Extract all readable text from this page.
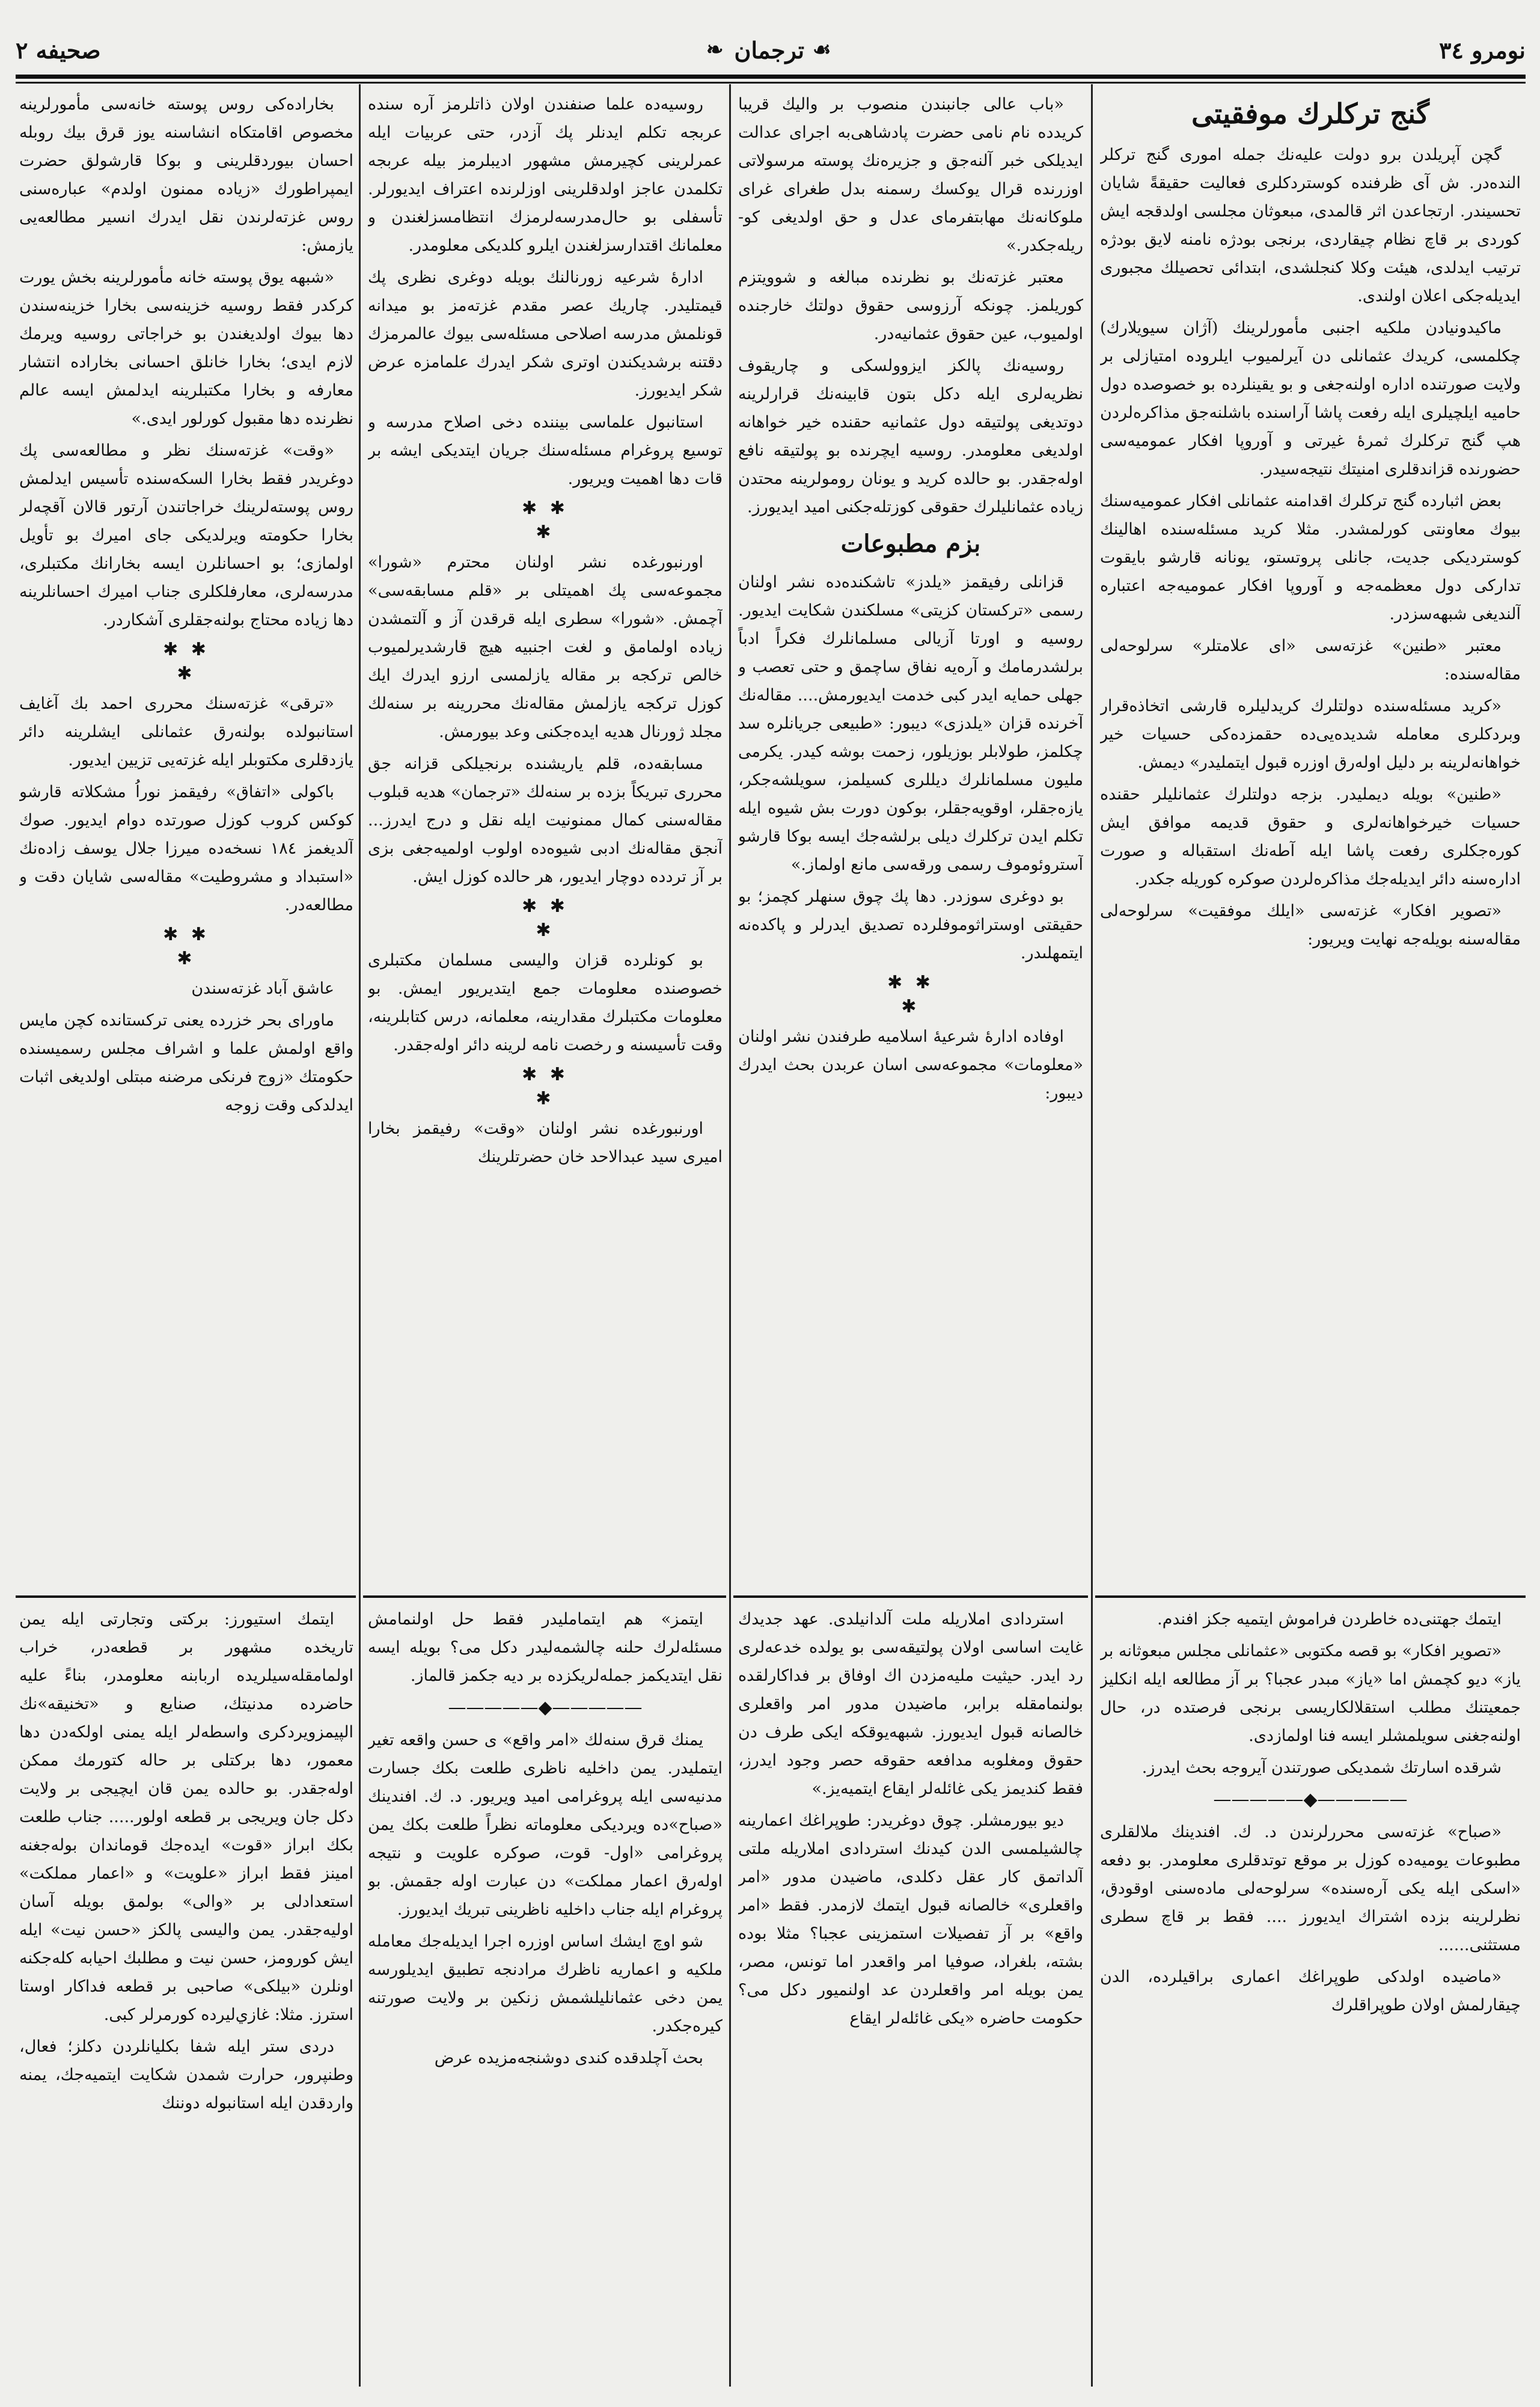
نومرو ٣٤
☙
ترجمان
❧
صحيفه ٢
گنج ترکلرك موفقيتى

گچن آپريلدن برو دولت عليه‌نك جمله امورى گنج ترکلر الندەدر. ش آی ظرفندە کوستردکلرى فعاليت حقيقةً شايان تحسيندر. ارتجاعدن اثر قالمدى، مبعوثان مجلسى اولدقجه ايش کوردى بر قاچ نظام چيقاردى، برنجى بودژه نامنه لايق بودژه ترتيب ايدلدى، هيئت وکلا کنجلشدى، ابتدائى تحصيلك مجبورى ايديلەجکى اعلان اولندى.

ماکيدونيادن ملکيه اجنبى مأمورلرينك (آژان سيويلارك) چکلمسى، کريدك عثمانلى دن آيرلميوب ايلروده امتيازلى بر ولايت صورتندە ادارە اولنەجغى و بو يقينلرده بو خصوصده دول حاميه ايلچيلرى ايله رفعت پاشا آراسنده باشلنه‌جق مذاکره‌لردن هپ گنج ترکلرك ثمرۀ غيرتى و آوروپا افکار عموميه‌سى حضورنده قزاندقلرى امنيتك نتيجه‌سيدر.

بعض اثبارده گنج ترکلرك اقدامنه عثمانلى افکار عموميه‌سنك بيوك معاونتى کورلمشدر. مثلا کريد مسئله‌سنده اهالينك کوسترديکى جديت، جانلى پروتستو، يونانه قارشو بايقوت تدارکى دول معظمه‌جه و آوروپا افکار عموميه‌جه اعتبارە آلنديغى شبهه‌سزدر.

معتبر «طنين» غزته‌سى «اى علامتلر» سرلوحه‌لى مقاله‌سنده:

«کريد مسئله‌سنده دولتلرك کريدليلره قارشى اتخاذەقرار وبردکلرى معامله شديده‌يى‌ده حقمزده‌کى حسيات خير خواهانه‌لرينه بر دليل اولەرق اوزره قبول ايتمليدر» ديمش.

«طنين» بويله ديمليدر. بزجه دولتلرك عثمانليلر حقنده حسيات خيرخواهانه‌لرى و حقوق قديمه موافق ايش کورەجکلرى رفعت پاشا ايله آطه‌نك استقباله و صورت ادارەسنه دائر ايديلەجك مذاکرەلردن صوکره کوريله جکدر.

«تصوير افکار» غزته‌سى «ايلك موفقيت» سرلوحه‌لى مقاله‌سنه بويله‌جه نهايت ويريور:

ايتمك جهتنى‌ده خاطردن فراموش ايتميه جکز افندم.

«تصوير افکار» بو قصه مکتوبى «عثمانلى مجلس مبعوثانه بر ياز» ديو کچمش اما «ياز» مبدر عجبا؟ بر آز مطالعه ايله انکليز جمعيتنك مطلب استقلالکاريسى برنجى فرصتده در، حال اولنەجغنى سويلمشلر ايسه فنا اولمازدى.

شرقده اسارتك شمديکى صورتندن آيروجه بحث ايدرز.

—————◆—————

«صباح» غزته‌سى محررلرندن د. ك. افندينك ملالقلرى مطبوعات يومیه‌ده کوزل بر موقع توتدقلرى معلومدر. بو دفعه «اسکى ايله يکى آرەسنده» سرلوحه‌لى مادەسنى اوقودق، نظرلرينه بزده اشتراك ايديورز .... فقط بر قاچ سطرى مستثنى......

«ماضيده اولدکى طوپراغك اعمارى براقيلرده، الدن چيقارلمش اولان طوپراقلرك

«باب عالى جانبندن منصوب بر واليك قريبا کريدده نام نامى حضرت پادشاهى‌به اجراى عدالت ايديلکى خبر آلنه‌جق و جزيره‌نك پوسته مرسولاتى اوزرنده قرال يوکسك رسمنه بدل طغراى غراى ملوکانه‌نك مهابتفرماى عدل و حق اولديغى کو-ريله‌جکدر.»

معتبر غزته‌نك بو نظرنده مبالغه و شوويتزم کوريلمز. چونکه آرزوسى حقوق دولتك خارجنده اولميوب، عين حقوق عثمانيەدر.

روسيه‌نك پالکز ايزوولسکى و چاريقوف نظريه‌لرى ايله دکل بتون قابينه‌نك قرارلرينه دوتديغى پولتيقه دول عثمانيه حقنده خير خواهانه اولديغى معلومدر. روسيه ايچرنده بو پولتيقه نافع اولەجقدر. بو حالده کريد و يونان رومولرينه محتدن زيادە عثمانليلرك حقوقى کوزتلەجکنى اميد ايديورز.

بزم مطبوعات

قزانلى رفيقمز «يلدز» تاشکنده‌ده نشر اولنان رسمى «ترکستان کزيتى» مسلکندن شکايت ايديور. روسيه و اورتا آزيالى مسلمانلرك فکراً ادباً برلشدرمامك و آره‌يه نفاق ساچمق و حتى تعصب و جهلى حمايه ايدر کبى خدمت ايديورمش.... مقاله‌نك آخرنده قزان «يلدزى» ديبور: «طبيعى جريانلره سد چکلمز، طولابلر بوزيلور، زحمت بوشه کيدر. يکرمى مليون مسلمانلرك ديللرى کسيلمز، سويلشەجکر، يازەجقلر، اوقويەجقلر، بوکون دورت بش شيوه ايله تکلم ايدن ترکلرك ديلى برلشەجك ايسه بوکا قارشو آستروئوموف رسمى ورقه‌سى مانع اولماز.»

بو دوغرى سوزدر. دها پك چوق سنهلر کچمز؛ بو حقيقتى اوستراثوموفلرده تصديق ايدرلر و پاکده‌نه ايتمهلىدر.

✱ ✱
✱

اوفاده ادارۀ شرعيۀ اسلاميه طرفندن نشر اولنان «معلومات» مجموعه‌سى اسان عربدن بحث ايدرك ديبور:

استردادى املاريله ملت آلدانيلدى. عهد جديدك غايت اساسى اولان پولتيقه‌سى بو يولده خدعه‌لرى رد ايدر. حيثيت مليه‌مزدن اك اوفاق بر فداکارلقده بولنمامقله برابر، ماضيدن مدور امر واقعلرى خالصانه قبول ايديورز. شبهه‌يوقکه ايكى طرف دن حقوق ومغلوبه مدافعه حقوقه حصر وجود ايدرز، فقط کنديمز يکى غائله‌لر ايقاع ايتميه‌يز.»

ديو بيورمشلر. چوق دوغريدر: طوپراغك اعمارينه چالشيلمسى الدن کيدنك استردادى املاريله ملتى آلداتمق کار عقل دکلدى، ماضيدن مدور «امر واقعلرى» خالصانه قبول ايتمك لازمدر. فقط «امر واقع» بر آز تفصيلات استمزينى عجبا؟ مثلا بوده بشته، بلغراد، صوفيا امر واقعدر اما تونس، مصر، يمن بويله امر واقعلردن عد اولنميور دکل مى؟ حکومت حاضره «يکى غائله‌لر ايقاع

روسيه‌ده علما صنفندن اولان ذاتلرمز آره سنده عربجه تکلم ايدنلر پك آزدر، حتى عربيات ايله عمرلرينى کچيرمش مشهور اديبلرمز بيله عربجه تکلمدن عاجز اولدقلرينى اوزلرنده اعتراف ايديورلر. تأسفلى بو حال‌مدرسه‌لرمزك انتظامسزلغندن و معلمانك اقتدارسزلغندن ايلرو کلديکى معلومدر.

ادارۀ شرعيه زورنالنك بويله دوغرى نظرى پك قيمتليدر. چاريك عصر مقدم غزته‌مز بو ميدانه قونلمش مدرسه اصلاحى مسئله‌سى بيوك عالمرمزك دقتنه برشديکندن اوترى شکر ايدرك علمامزه عرض شکر ايديورز.

استانبول علماسى بيننده دخى اصلاح مدرسه و توسيع پروغرام مسئله‌سنك جريان ايتديکى ايشه بر قات دها اهميت ويريور.

✱ ✱
✱

اورنبورغده نشر اولنان محترم «شورا» مجموعه‌سى پك اهميتلى بر «قلم مسابقه‌سى» آچمش. «شورا» سطرى ايله قرقدن آز و آلتمشدن زيادە اولمامق و لغت اجنبيه هيچ قارشديرلميوب خالص ترکجه بر مقاله يازلمسى ارزو ايدرك ايك کوزل ترکجه يازلمش مقاله‌نك محررينه بر سنه‌لك مجلد ژورنال هديه ايدەجکنى وعد بيورمش.

مسابقه‌ده، قلم ياريشنده برنجيلکى قزانه جق محررى تبريکاً بزده بر سنه‌لك «ترجمان» هديه قبلوب مقاله‌سنى کمال ممنونيت ايله نقل و درج ايدرز... آنجق مقاله‌نك ادبى شيوه‌ده اولوب اولميه‌جغى بزى بر آز تردده دوچار ايديور، هر حالده کوزل ايش.

✱ ✱
✱

بو کونلرده قزان واليسى مسلمان مکتبلرى خصوصنده معلومات جمع ايتديريور ايمش. بو معلومات مکتبلرك مقدارينه، معلمانه، درس کتابلرينه، وقت تأسيسنه و رخصت نامه لرينه دائر اولەجقدر.

✱ ✱
✱

اورنبورغده نشر اولنان «وقت» رفيقمز بخارا اميرى سيد عبدالاحد خان حضرتلرينك

ايتمز» هم ايتمامليدر فقط حل اولنمامش مسئله‌لرك حلنه چالشمەليدر دکل مى؟ بويله ايسه نقل ايتديکمز جمله‌لريکزده بر ديه جکمز قالماز.

—————◆—————

يمنك قرق سنه‌لك «امر واقع» ى حسن واقعه تغير ايتمليدر. يمن داخليه ناظرى طلعت بکك جسارت مدنيه‌سى ايله پروغرامى اميد ويريور. د. ك. افندينك «صباح»ده ويرديکى معلوماته نظراً طلعت بکك يمن پروغرامى «اول- قوت، صوکره علويت و نتيجه اولەرق اعمار مملکت» دن عبارت اوله جقمش. بو پروغرام ايله جناب داخليه ناظرينى تبريك ايديورز.

شو اوچ ايشك اساس اوزره اجرا ايديلەجك معامله ملکيه و اعماريه ناظرك مرادنجه تطبيق ايديلورسه يمن دخى عثمانليلشمش زنکين بر ولايت صورتنه کيرەجکدر.

بحث آچلدقده کندى دوشنجه‌مزيده عرض

بخارادەکى روس پوسته خانه‌سى مأمورلرينه مخصوص اقامتکاه انشاسنه يوز قرق بيك روبله احسان بيوردقلرينى و بوکا قارشولق حضرت ايمپراطورك «زيادە ممنون اولدم» عبارەسنى روس غزته‌لرندن نقل ايدرك انسیر مطالعه‌يى يازمش:

«شبهه يوق پوسته خانه مأمورلرينه بخش يورت کرکدر فقط روسيه خزينه‌سى بخارا خزينه‌سندن دها بيوك اولديغندن بو خراجاتى روسيه ويرمك لازم ايدى؛ بخارا خانلق احسانى بخارادە انتشار معارفه و بخارا مکتبلرينه ايدلمش ايسه عالم نظرنده دها مقبول کورلور ايدى.»

«وقت» غزته‌سنك نظر و مطالعه‌سى پك دوغريدر فقط بخارا السکه‌سنده تأسيس ايدلمش روس پوسته‌لرينك خراجاتندن آرتور قالان آقچه‌لر بخارا حکومته ويرلديکى جاى اميرك بو تأويل اولمازى؛ بو احسانلرن ايسه بخارانك مکتبلرى، مدرسه‌لرى، معارفلکلرى جناب اميرك احسانلرينه دها زياده محتاج بولنه‌جقلرى آشکاردر.

✱ ✱
✱

«ترقى» غزته‌سنك محررى احمد بك آغايف استانبولده بولنەرق عثمانلى ايشلرينه دائر يازدقلرى مکتوبلر ايله غزته‌يى تزيين ايديور.

باکولى «اتفاق» رفيقمز نوراُ مشکلاته قارشو کوکس کروب کوزل صورتده دوام ايديور. صوك آلديغمز ١٨٤ نسخه‌ده ميرزا جلال يوسف زاده‌نك «استبداد و مشروطيت» مقاله‌سى شايان دقت و مطالعه‌در.

✱ ✱
✱

عاشق آباد غزته‌سندن

ماوراى بحر خزرده يعنى ترکستانده کچن مايس واقع اولمش علما و اشراف مجلس رسميسنده حکومتك «زوج فرنکى مرضنه مبتلى اولديغى اثبات ايدلدکى وقت زوجه

ايتمك استيورز: برکتى وتجارتى ايله يمن تاريخده مشهور بر قطعه‌در، خراب اولمامقله‌سيلريده اربابنه معلومدر، بناءً عليه حاضرده مدنيتك، صنايع و «تخنيقه»نك الپيمزويردکرى واسطه‌لر ايله يمنى اولکەدن دها معمور، دها برکتلى بر حاله کتورمك ممکن اولەجقدر. بو حالده يمن قان ايچيجى بر ولايت دکل جان ويريجى بر قطعه اولور..... جناب طلعت بکك ابراز «قوت» ايدەجك قوماندان بولەجغنه امينز فقط ابراز «علويت» و «اعمار مملکت» استعدادلى بر «والى» بولمق بويله آسان اوليه‌جقدر. يمن واليسى پالکز «حسن نيت» ايله ايش کورومز، حسن نيت و مطلبك احيابه کلەجکنه اونلرن «بيلکى» صاحبى بر قطعه فداکار اوستا استرز. مثلا: غازي‌ليرده کورمرلر کبى.

دردى ستر ايله شفا بکليانلردن دکلز؛ فعال، وطنپرور، حرارت شمدن شکايت ايتميه‌جك، يمنه واردقدن ايله استانبوله دوننك
